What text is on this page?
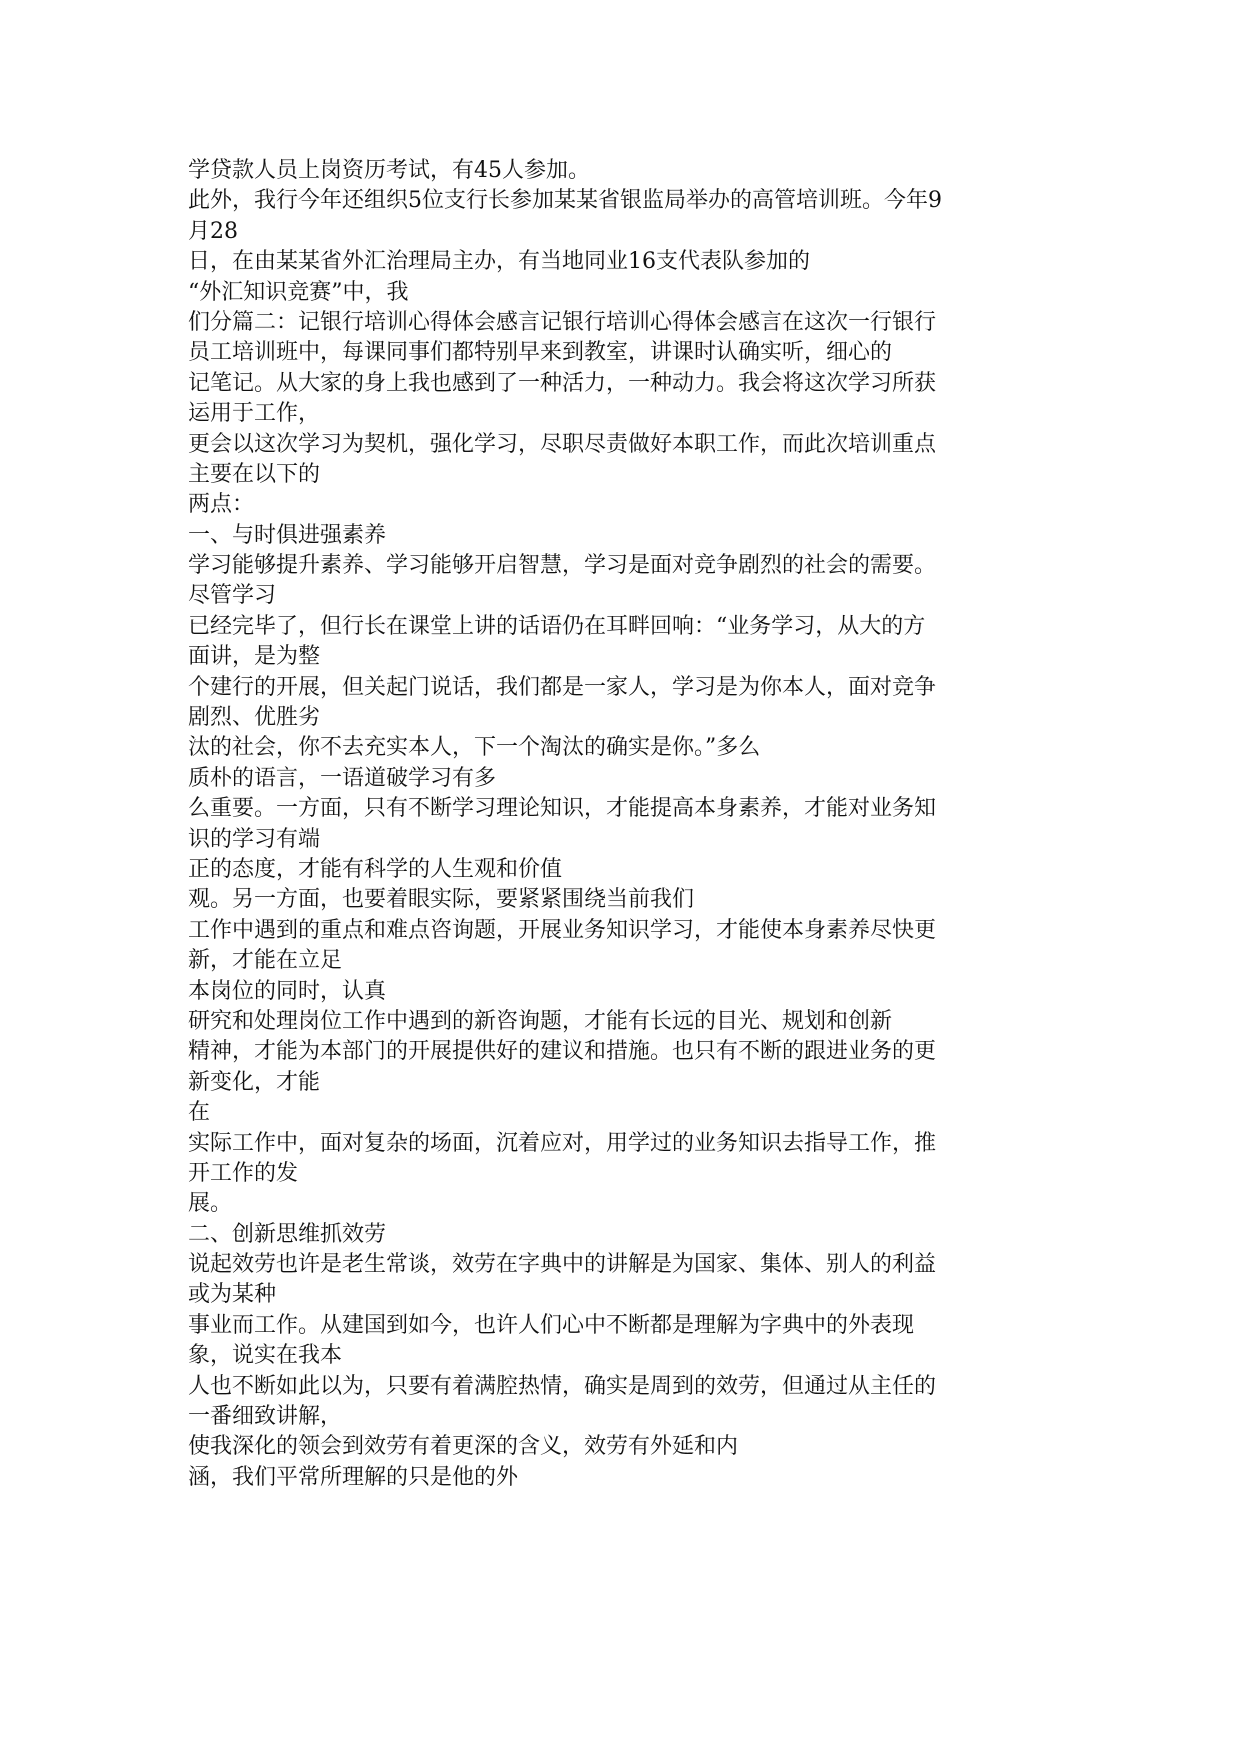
学贷款人员上岗资历考试，有45人参加。
此外，我行今年还组织5位支行长参加某某省银监局举办的高管培训班。今年9
月28
日，在由某某省外汇治理局主办，有当地同业16支代表队参加的
“外汇知识竞赛”中，我
们分篇二：记银行培训心得体会感言记银行培训心得体会感言在这次一行银行
员工培训班中，每课同事们都特别早来到教室，讲课时认确实听，细心的
记笔记。从大家的身上我也感到了一种活力，一种动力。我会将这次学习所获
运用于工作，
更会以这次学习为契机，强化学习，尽职尽责做好本职工作，而此次培训重点
主要在以下的
两点：
一、与时俱进强素养
学习能够提升素养、学习能够开启智慧，学习是面对竞争剧烈的社会的需要。
尽管学习
已经完毕了，但行长在课堂上讲的话语仍在耳畔回响：“业务学习，从大的方
面讲，是为整
个建行的开展，但关起门说话，我们都是一家人，学习是为你本人，面对竞争
剧烈、优胜劣
汰的社会，你不去充实本人，下一个淘汰的确实是你。”多么
质朴的语言，一语道破学习有多
么重要。一方面，只有不断学习理论知识，才能提高本身素养，才能对业务知
识的学习有端
正的态度，才能有科学的人生观和价值
观。另一方面，也要着眼实际，要紧紧围绕当前我们
工作中遇到的重点和难点咨询题，开展业务知识学习，才能使本身素养尽快更
新，才能在立足
本岗位的同时，认真
研究和处理岗位工作中遇到的新咨询题，才能有长远的目光、规划和创新
精神，才能为本部门的开展提供好的建议和措施。也只有不断的跟进业务的更
新变化，才能
在
实际工作中，面对复杂的场面，沉着应对，用学过的业务知识去指导工作，推
开工作的发
展。
二、创新思维抓效劳
说起效劳也许是老生常谈，效劳在字典中的讲解是为国家、集体、别人的利益
或为某种
事业而工作。从建国到如今，也许人们心中不断都是理解为字典中的外表现
象，说实在我本
人也不断如此以为，只要有着满腔热情，确实是周到的效劳，但通过从主任的
一番细致讲解，
使我深化的领会到效劳有着更深的含义，效劳有外延和内
涵，我们平常所理解的只是他的外
